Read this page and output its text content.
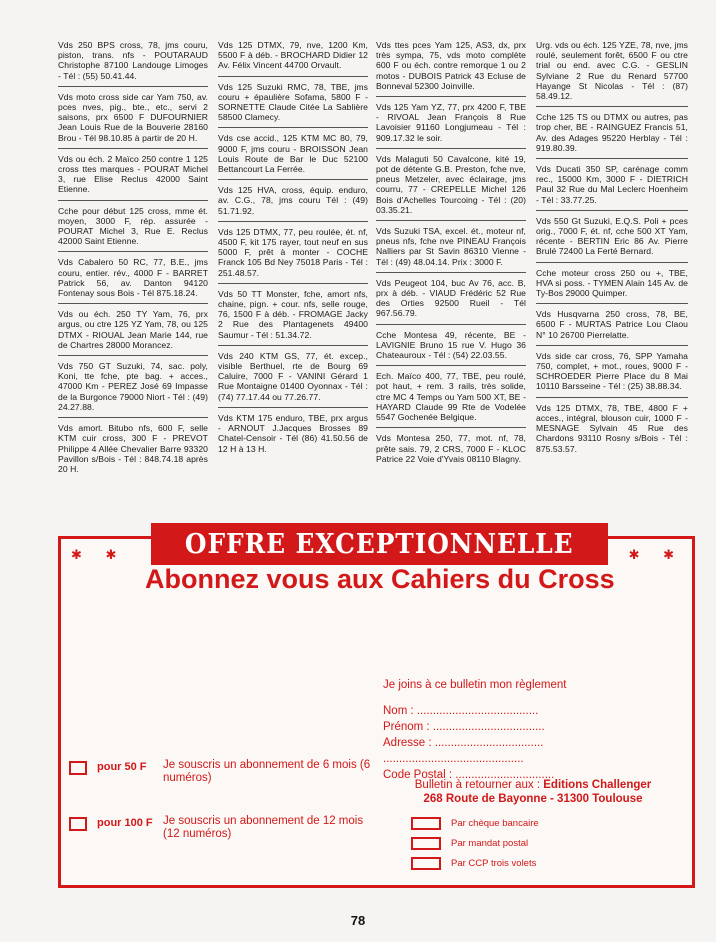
Vds 250 BPS cross, 78, jms couru, piston, trans. nfs - POUTARAUD Christophe 87100 Landouge Limoges - Tél : (55) 50.41.44.
Vds moto cross side car Yam 750, av. pces nves, pig., bte., etc., servi 2 saisons, prx 6500 F DUFOURNIER Jean Louis Rue de la Bouverie 28160 Brou - Tél 98.10.85 à partir de 20 H.
Vds ou éch. 2 Maïco 250 contre 1 125 cross ttes marques - POURAT Michel 3, rue Elise Reclus 42000 Saint Etienne.
Cche pour début 125 cross, mme ét. moyen, 3000 F, rép. assurée - POURAT Michel 3, Rue E. Reclus 42000 Saint Etienne.
Vds Cabalero 50 RC, 77, B.E., jms couru, entier. rév., 4000 F - BARRET Patrick 56, av. Danton 94120 Fontenay sous Bois - Tél 875.18.24.
Vds ou éch. 250 TY Yam, 76, prx argus, ou ctre 125 YZ Yam, 78, ou 125 DTMX - RIOUAL Jean Marie 144, rue de Chartres 28000 Morancez.
Vds 750 GT Suzuki, 74, sac. poly, Koni, tte fche, pte bag. + acces., 47000 Km - PEREZ José 69 Impasse de la Burgonce 79000 Niort - Tél : (49) 24.27.88.
Vds amort. Bitubo nfs, 600 F, selle KTM cuir cross, 300 F - PREVOT Philippe 4 Allée Chevalier Barre 93320 Pavillon s/Bois - Tél : 848.74.18 après 20 H.
Vds 125 DTMX, 79, nve, 1200 Km, 5500 F à déb. - BROCHARD Didier 12 Av. Félix Vincent 44700 Orvault.
Vds 125 Suzuki RMC, 78, TBE, jms couru + épaulière Sofama, 5800 F - SORNETTE Claude Citée La Sablière 58500 Clamecy.
Vds cse accid., 125 KTM MC 80, 79, 9000 F, jms couru - BROISSON Jean Louis Route de Bar le Duc 52100 Bettancourt La Ferrée.
Vds 125 HVA, cross, équip. enduro, av. C.G., 78, jms couru Tél : (49) 51.71.92.
Vds 125 DTMX, 77, peu roulée, ét. nf, 4500 F, kit 175 rayer, tout neuf en sus 5000 F, prêt à monter - COCHE Franck 105 Bd Ney 75018 Paris - Tél : 251.48.57.
Vds 50 TT Monster, fche, amort nfs, chaine, pign. + cour. nfs, selle rouge, 76, 1500 F à déb. - FROMAGE Jacky 2 Rue des Plantagenets 49400 Saumur - Tél : 51.34.72.
Vds 240 KTM GS, 77, ét. excep., visible Berthuel, rte de Bourg 69 Caluire, 7000 F - VANINI Gérard 1 Rue Montaigne 01400 Oyonnax - Tél : (74) 77.17.44 ou 77.26.77.
Vds KTM 175 enduro, TBE, prx argus - ARNOUT J.Jacques Brosses 89 Chatel-Censoir - Tél (86) 41.50.56 de 12 H à 13 H.
Vds ttes pces Yam 125, AS3, dx, prx très sympa, 75, vds moto complète 600 F ou éch. contre remorque 1 ou 2 motos - DUBOIS Patrick 43 Ecluse de Bonneval 52300 Joinville.
Vds 125 Yam YZ, 77, prx 4200 F, TBE - RIVOAL Jean François 8 Rue Lavoisier 91160 Longjumeau - Tél : 909.17.32 le soir.
Vds Malaguti 50 Cavalcone, kité 19, pot de détente G.B. Preston, fche nve, pneus Metzeler, avec éclairage, jms courru, 77 - CREPELLE Michel 126 Bois d'Achelles Tourcoing - Tél : (20) 03.35.21.
Vds Suzuki TSA, excel. ét., moteur nf, pneus nfs, fche nve PINEAU François Nalliers par St Savin 86310 Vienne - Tél : (49) 48.04.14. Prix : 3000 F.
Vds Peugeot 104, buc Av 76, acc. B, prx à déb. - VIAUD Frédéric 52 Rue des Orties 92500 Rueil - Tél 967.56.79.
Cche Montesa 49, récente, BE - LAVIGNIE Bruno 15 rue V. Hugo 36 Chateauroux - Tél : (54) 22.03.55.
Ech. Maïco 400, 77, TBE, peu roulé, pot haut, + rem. 3 rails, très solide, ctre MC 4 Temps ou Yam 500 XT, BE - HAYARD Claude 99 Rte de Vodelée 5547 Gochenée Belgique.
Vds Montesa 250, 77, mot. nf, 78, prête sais. 79, 2 CRS, 7000 F - KLOC Patrice 22 Voie d'Yvais 08110 Blagny.
Urg. vds ou éch. 125 YZE, 78, nve, jms roulé, seulement forêt, 6500 F ou ctre trial ou end. avec C.G. - GESLIN Sylviane 2 Rue du Renard 57700 Hayange St Nicolas - Tél : (87) 58.49.12.
Cche 125 TS ou DTMX ou autres, pas trop cher, BE - RAINGUEZ Francis 51, Av. des Adages 95220 Herblay - Tél : 919.80.39.
Vds Ducati 350 SP, carénage comm rec., 15000 Km, 3000 F - DIETRICH Paul 32 Rue du Mal Leclerc Hoenheim - Tél : 33.77.25.
Vds 550 Gt Suzuki, E.Q.S. Poli + pces orig., 7000 F, ét. nf, cche 500 XT Yam, récente - BERTIN Eric 86 Av. Pierre Brulé 72400 La Ferté Bernard.
Cche moteur cross 250 ou +, TBE, HVA si poss. - TYMEN Alain 145 Av. de Ty-Bos 29000 Quimper.
Vds Husqvarna 250 cross, 78, BE, 6500 F - MURTAS Patrice Lou Claou N° 10 26700 Pierrelatte.
Vds side car cross, 76, SPP Yamaha 750, complet, + mot., roues, 9000 F - SCHROEDER Pierre Place du 8 Mai 10110 Barsseine - Tél : (25) 38.88.34.
Vds 125 DTMX, 78, TBE, 4800 F + acces., intégral, blouson cuir, 1000 F - MESNAGE Sylvain 45 Rue des Chardons 93110 Rosny s/Bois - Tél : 875.53.57.
OFFRE EXCEPTIONNELLE
✱ ✱	✱ ✱
Abonnez vous aux Cahiers du Cross
Je joins à ce bulletin mon règlement
Nom : ......................................
Prénom : ...................................
Adresse : ..................................
............................................
Code Postal : ...............................
pour 50 F	Je souscris un abonnement de 6 mois (6 numéros)
pour 100 F Je souscris un abonnement de 12 mois (12 numéros)
Bulletin à retourner aux : Editions Challenger
268 Route de Bayonne - 31300 Toulouse
Par chèque bancaire
Par mandat postal
Par CCP trois volets
78
